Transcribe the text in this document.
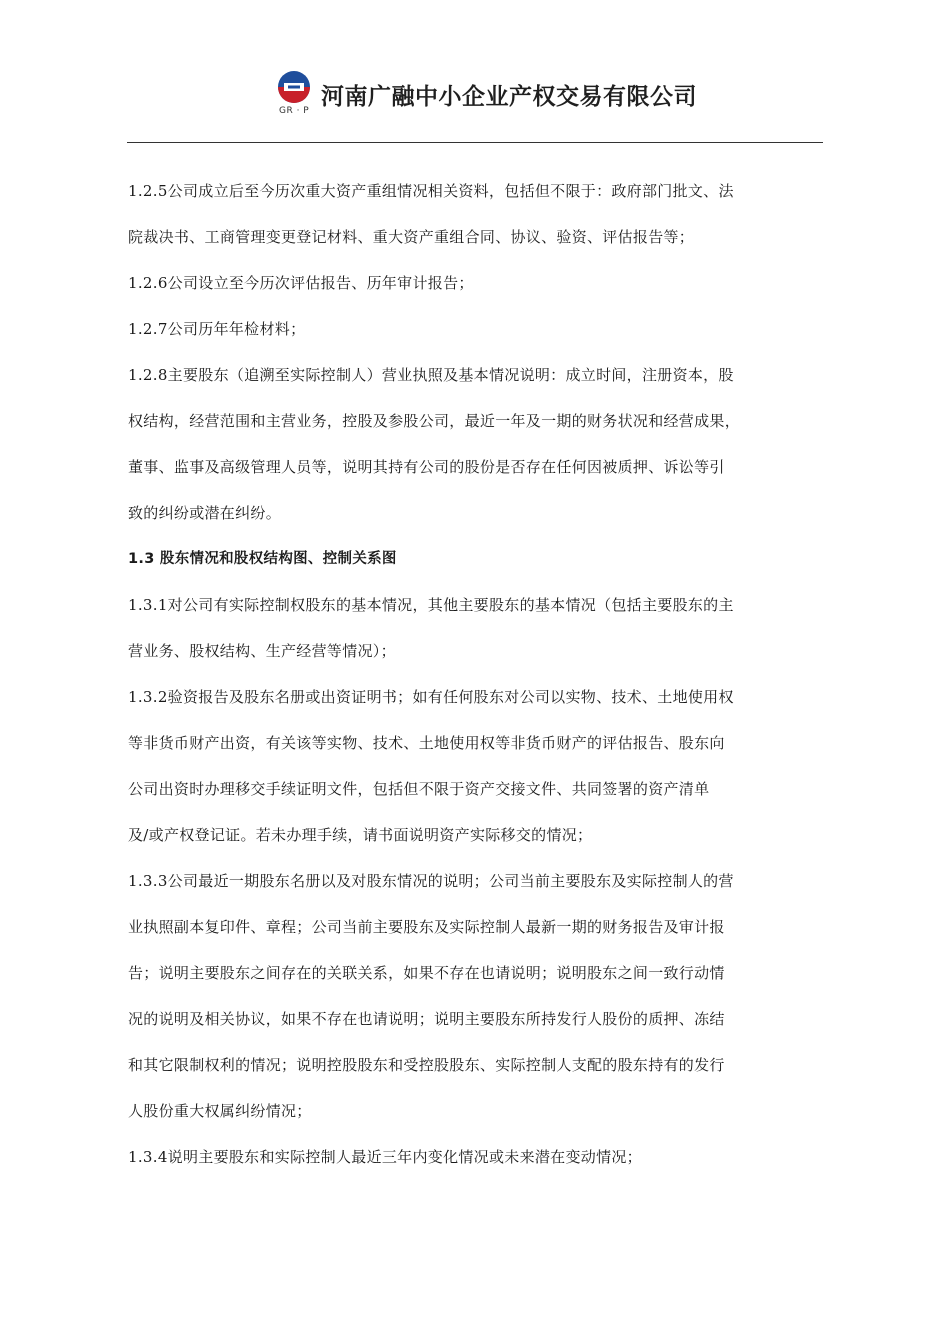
GR · P
河南广融中小企业产权交易有限公司
1.2.5公司成立后至今历次重大资产重组情况相关资料，包括但不限于：政府部门批文、法
院裁决书、工商管理变更登记材料、重大资产重组合同、协议、验资、评估报告等；
1.2.6公司设立至今历次评估报告、历年审计报告；
1.2.7公司历年年检材料；
1.2.8主要股东（追溯至实际控制人）营业执照及基本情况说明：成立时间，注册资本，股
权结构，经营范围和主营业务，控股及参股公司，最近一年及一期的财务状况和经营成果，
董事、监事及高级管理人员等，说明其持有公司的股份是否存在任何因被质押、诉讼等引
致的纠纷或潜在纠纷。
1.3 股东情况和股权结构图、控制关系图
1.3.1对公司有实际控制权股东的基本情况，其他主要股东的基本情况（包括主要股东的主
营业务、股权结构、生产经营等情况）；
1.3.2验资报告及股东名册或出资证明书；如有任何股东对公司以实物、技术、土地使用权
等非货币财产出资，有关该等实物、技术、土地使用权等非货币财产的评估报告、股东向
公司出资时办理移交手续证明文件，包括但不限于资产交接文件、共同签署的资产清单
及/或产权登记证。若未办理手续，请书面说明资产实际移交的情况；
1.3.3公司最近一期股东名册以及对股东情况的说明；公司当前主要股东及实际控制人的营
业执照副本复印件、章程；公司当前主要股东及实际控制人最新一期的财务报告及审计报
告；说明主要股东之间存在的关联关系，如果不存在也请说明；说明股东之间一致行动情
况的说明及相关协议，如果不存在也请说明；说明主要股东所持发行人股份的质押、冻结
和其它限制权利的情况；说明控股股东和受控股股东、实际控制人支配的股东持有的发行
人股份重大权属纠纷情况；
1.3.4说明主要股东和实际控制人最近三年内变化情况或未来潜在变动情况；
